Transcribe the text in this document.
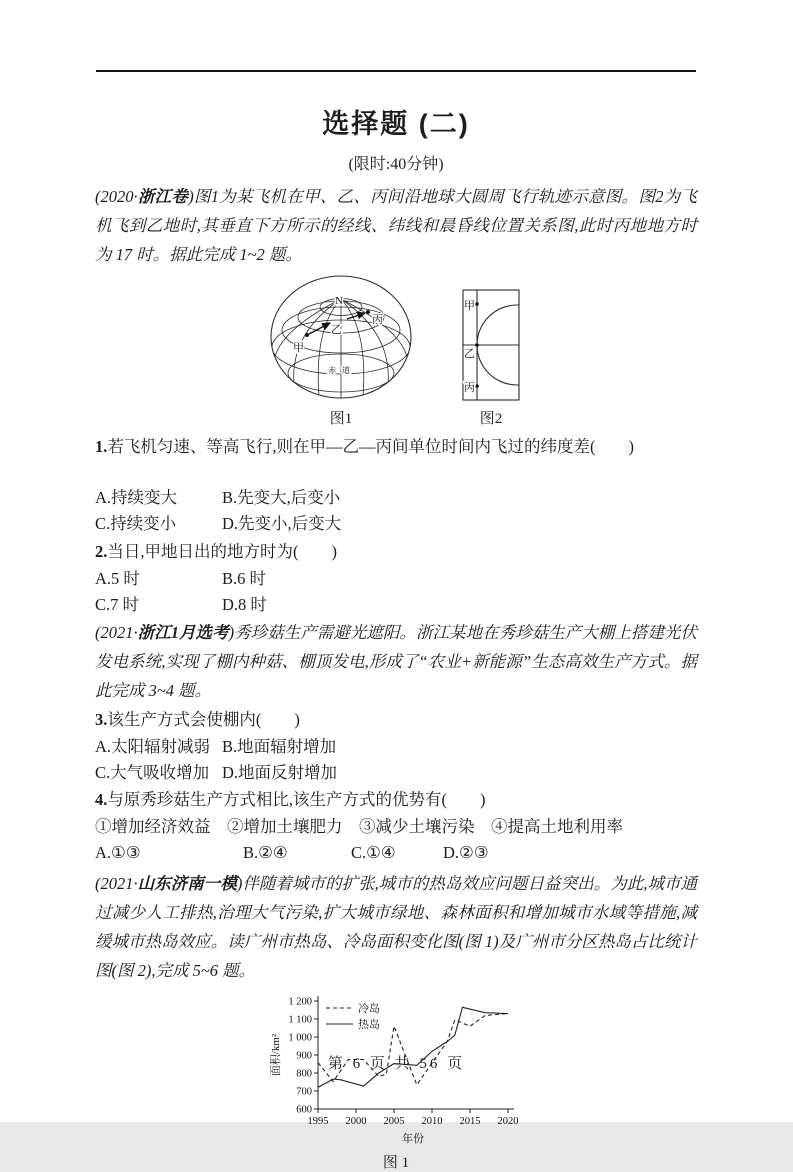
选择题 (二)
(限时:40分钟)

(2020·浙江卷)图1为某飞机在甲、乙、丙间沿地球大圆周飞行轨迹示意图。图2为飞机飞到乙地时,其垂直下方所示的经线、纬线和晨昏线位置关系图,此时丙地地方时为 17 时。据此完成 1~2 题。

N
甲
乙
丙
赤 道
图1
甲
乙
丙
图2
1.若飞机匀速、等高飞行,则在甲—乙—丙间单位时间内飞过的纬度差(　　)
A.持续变大	B.先变大,后变小
C.持续变小	D.先变小,后变大
2.当日,甲地日出的地方时为(　　)
A.5 时	B.6 时
C.7 时	D.8 时

(2021·浙江1月选考)秀珍菇生产需避光遮阳。浙江某地在秀珍菇生产大棚上搭建光伏发电系统,实现了棚内种菇、棚顶发电,形成了“农业+新能源”生态高效生产方式。据此完成 3~4 题。

3.该生产方式会使棚内(　　)
A.太阳辐射减弱 B.地面辐射增加
C.大气吸收增加 D.地面反射增加
4.与原秀珍菇生产方式相比,该生产方式的优势有(　　)
①增加经济效益　②增加土壤肥力　③减少土壤污染　④提高土地利用率
A.①③	B.②④	C.①④	D.②③

(2021·山东济南一模)伴随着城市的扩张,城市的热岛效应问题日益突出。为此,城市通过减少人工排热,治理大气污染,扩大城市绿地、森林面积和增加城市水域等措施,减缓城市热岛效应。读广州市热岛、冷岛面积变化图(图 1)及广州市分区热岛占比统计图(图 2),完成 5~6 题。

600
700
800
900
1 000
1 100
1 200
1995 2000 2005 2010 2015 2020
冷岛
热岛
面积/km²
年份
图 1
第 6 页 共 56 页
